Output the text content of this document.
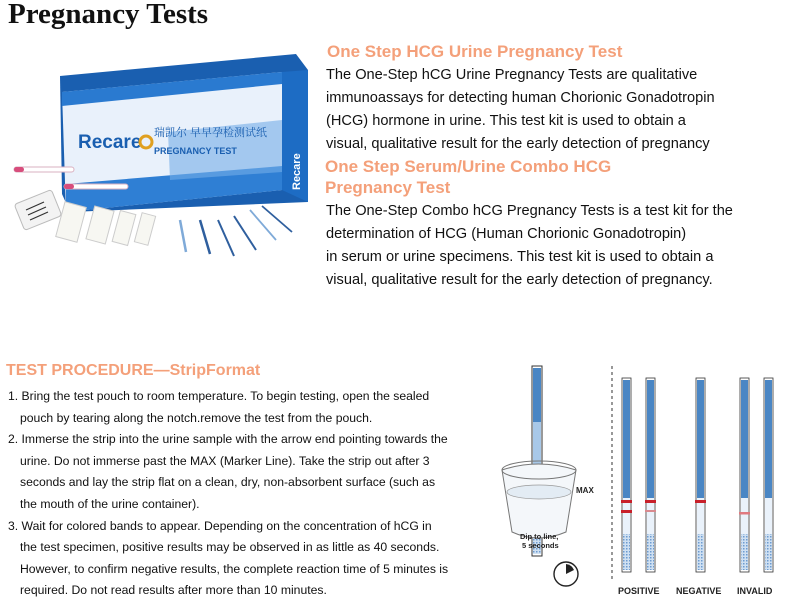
Pregnancy Tests
Recare 瑞凯尔 早早孕检测试纸
PREGNANCY TEST
Recare
One Step HCG Urine Pregnancy Test
The One-Step hCG Urine Pregnancy Tests are qualitative
immunoassays for detecting human Chorionic Gonadotropin
(HCG) hormone in urine. This test kit is used to obtain a
visual, qualitative result for the early detection of pregnancy
One Step Serum/Urine Combo HCG
Pregnancy Test
The One-Step Combo hCG Pregnancy Tests is a test kit for the
determination of HCG (Human Chorionic Gonadotropin)
in serum or urine specimens. This test kit is used to obtain a
visual, qualitative result for the early detection of pregnancy.
TEST PROCEDURE—StripFormat
1. Bring the test pouch to room temperature. To begin testing, open the sealed
pouch by tearing along the notch.remove the test from the pouch.
2. Immerse the strip into the urine sample with the arrow end pointing towards the
urine. Do not immerse past the MAX (Marker Line). Take the strip out after 3
seconds and lay the strip flat on a clean, dry, non-absorbent surface (such as
the mouth of the urine container).
3. Wait for colored bands to appear. Depending on the concentration of hCG in
the test specimen, positive results may be observed in as little as 40 seconds.
However, to confirm negative results, the complete reaction time of 5 minutes is
required. Do not read results after more than 10 minutes.
MAX
Dip to line,
5 seconds
POSITIVE NEGATIVE INVALID
